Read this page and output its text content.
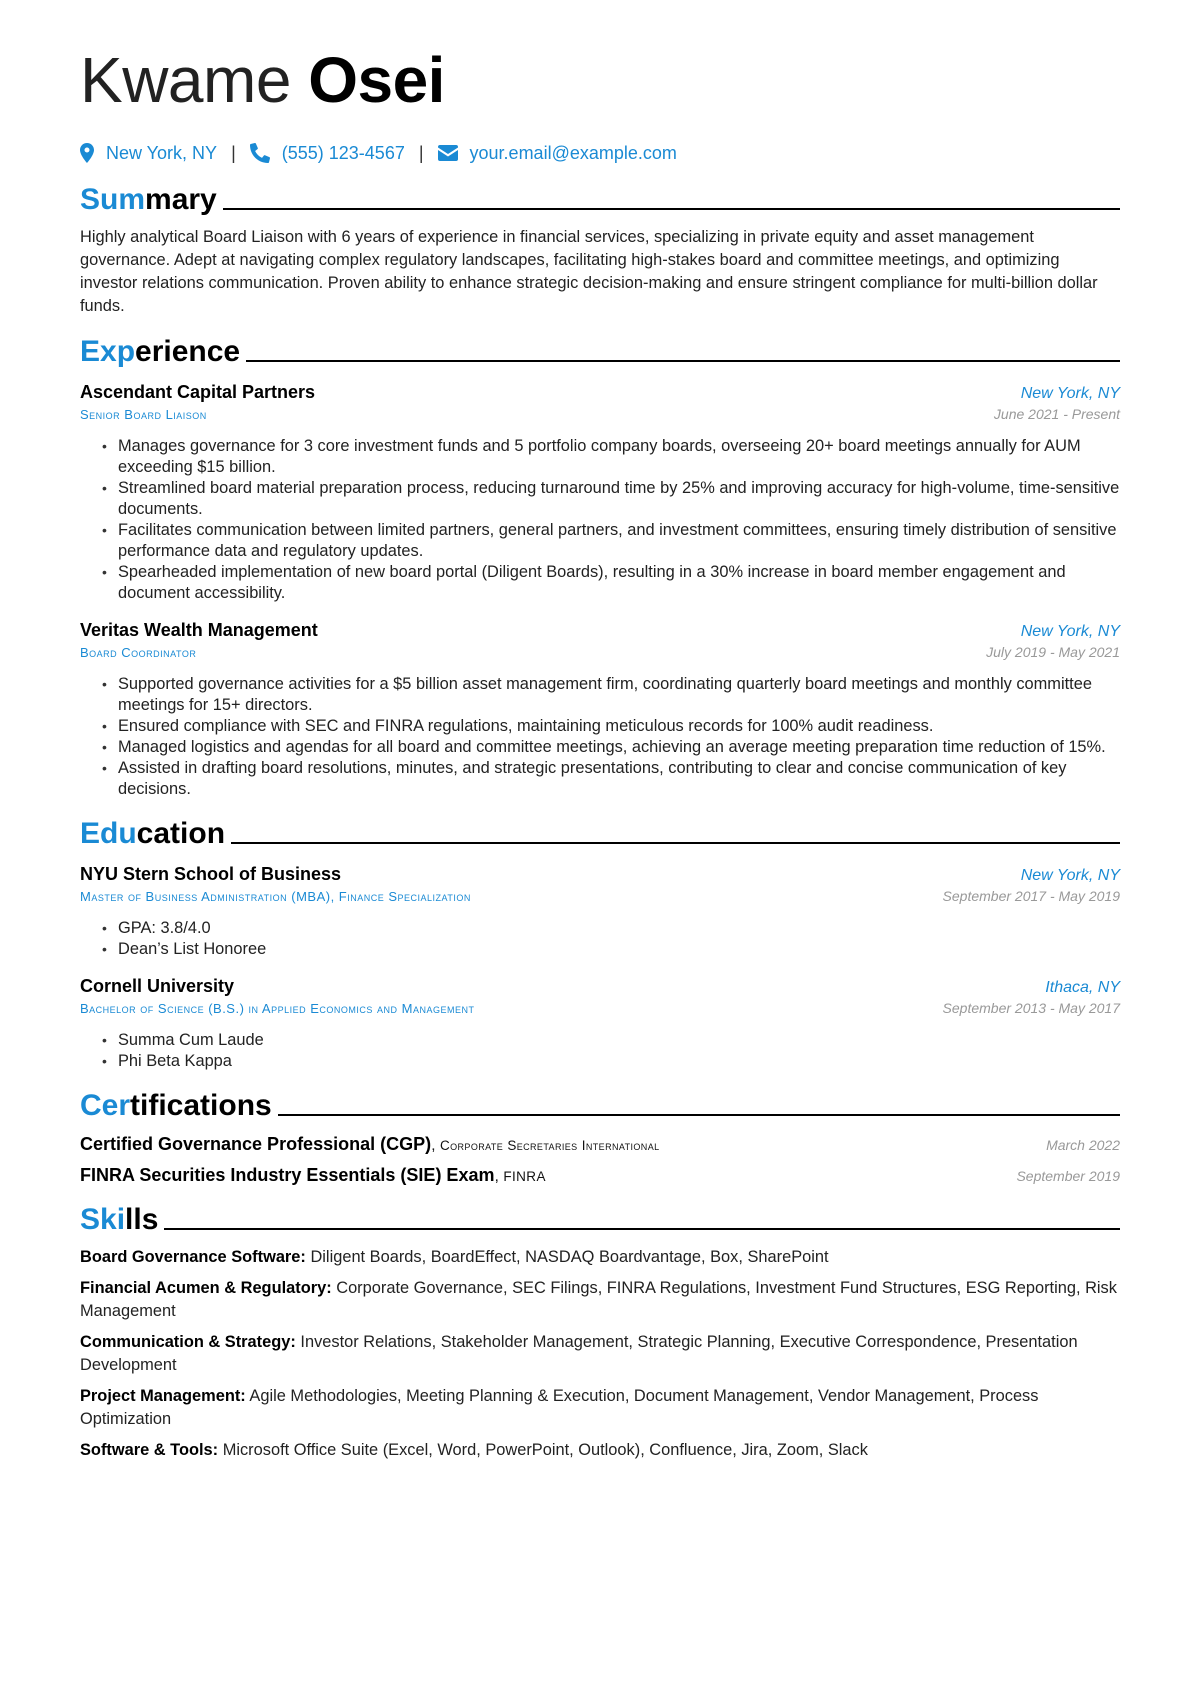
Kwame Osei
New York, NY |	(555) 123-4567 |	your.email@example.com
Summary

Highly analytical Board Liaison with 6 years of experience in financial services, specializing in private equity and asset management governance. Adept at navigating complex regulatory landscapes, facilitating high-stakes board and committee meetings, and optimizing investor relations communication. Proven ability to enhance strategic decision-making and ensure stringent compliance for multi-billion dollar funds.

Experience
Ascendant Capital Partners	New York, NY
Senior Board Liaison	June 2021 - Present
• Manages governance for 3 core investment funds and 5 portfolio company boards, overseeing 20+ board meetings annually for AUM exceeding $15 billion.
• Streamlined board material preparation process, reducing turnaround time by 25% and improving accuracy for high-volume, time-sensitive documents.
• Facilitates communication between limited partners, general partners, and investment committees, ensuring timely distribution of sensitive performance data and regulatory updates.
• Spearheaded implementation of new board portal (Diligent Boards), resulting in a 30% increase in board member engagement and document accessibility.
Veritas Wealth Management	New York, NY
Board Coordinator	July 2019 - May 2021
• Supported governance activities for a $5 billion asset management firm, coordinating quarterly board meetings and monthly committee meetings for 15+ directors.
• Ensured compliance with SEC and FINRA regulations, maintaining meticulous records for 100% audit readiness.
• Managed logistics and agendas for all board and committee meetings, achieving an average meeting preparation time reduction of 15%.
• Assisted in drafting board resolutions, minutes, and strategic presentations, contributing to clear and concise communication of key decisions.
Education
NYU Stern School of Business	New York, NY
Master of Business Administration (MBA), Finance Specialization	September 2017 - May 2019
• GPA: 3.8/4.0
• Dean’s List Honoree
Cornell University	Ithaca, NY
Bachelor of Science (B.S.) in Applied Economics and Management	September 2013 - May 2017
• Summa Cum Laude
• Phi Beta Kappa
Certifications
Certified Governance Professional (CGP), Corporate Secretaries International	March 2022
FINRA Securities Industry Essentials (SIE) Exam, FINRA	September 2019
Skills

Board Governance Software: Diligent Boards, BoardEffect, NASDAQ Boardvantage, Box, SharePoint

Financial Acumen & Regulatory: Corporate Governance, SEC Filings, FINRA Regulations, Investment Fund Structures, ESG Reporting, Risk Management

Communication & Strategy: Investor Relations, Stakeholder Management, Strategic Planning, Executive Correspondence, Presentation Development

Project Management: Agile Methodologies, Meeting Planning & Execution, Document Management, Vendor Management, Process Optimization

Software & Tools: Microsoft Office Suite (Excel, Word, PowerPoint, Outlook), Confluence, Jira, Zoom, Slack
